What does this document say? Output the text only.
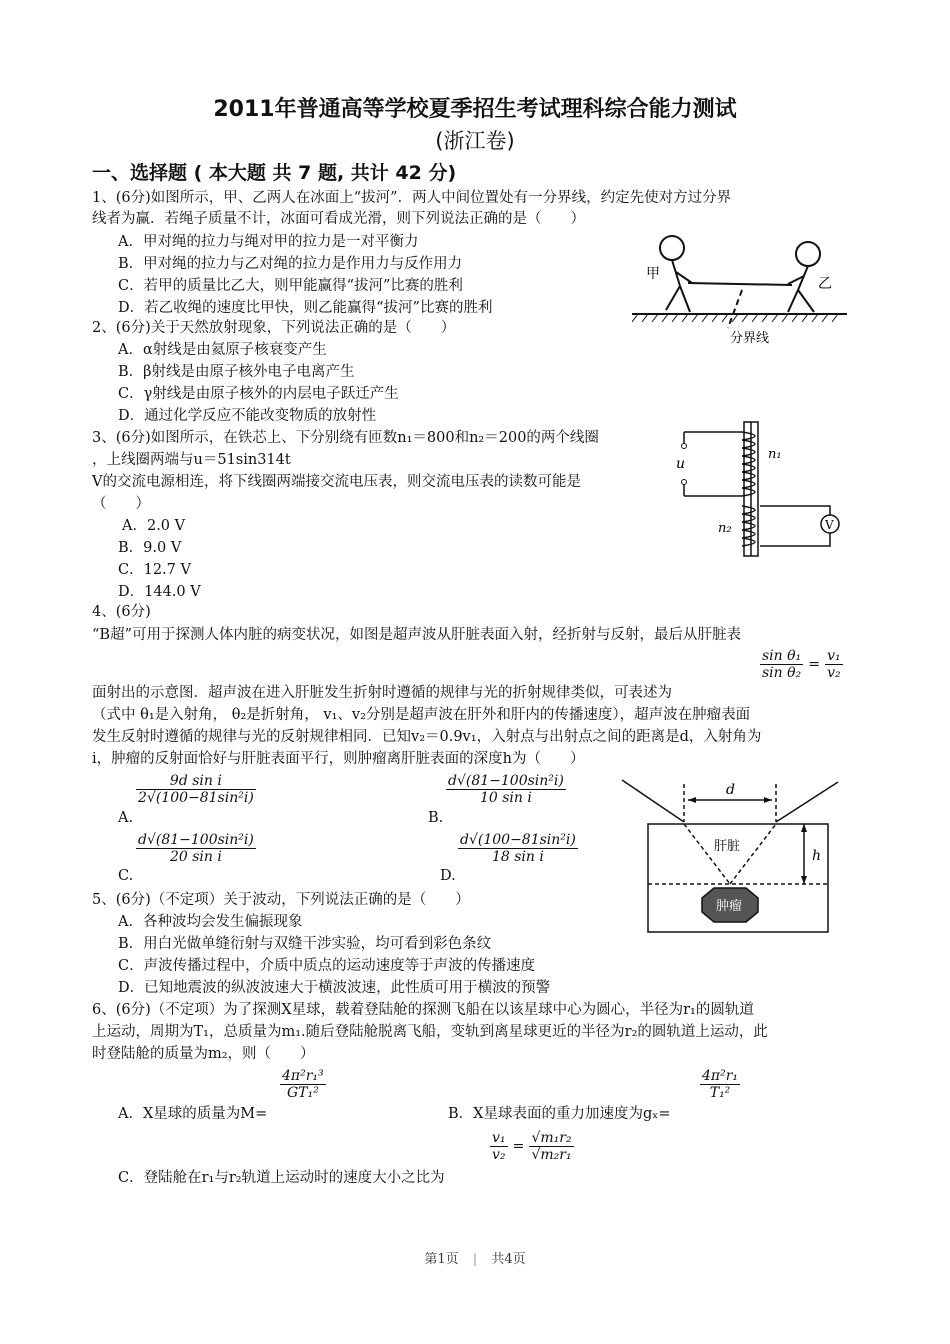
2011年普通高等学校夏季招生考试理科综合能力测试
(浙江卷)
一、选择题 ( 本大题 共 7 题, 共计 42 分)
1、(6分)如图所示，甲、乙两人在冰面上“拔河”．两人中间位置处有一分界线，约定先使对方过分界
线者为赢．若绳子质量不计，冰面可看成光滑，则下列说法正确的是（　　）
A．甲对绳的拉力与绳对甲的拉力是一对平衡力
B．甲对绳的拉力与乙对绳的拉力是作用力与反作用力
C．若甲的质量比乙大，则甲能赢得“拔河”比赛的胜利
D．若乙收绳的速度比甲快，则乙能赢得“拔河”比赛的胜利
甲
乙
分界线
2、(6分)关于天然放射现象，下列说法正确的是（　　）
A．α射线是由氦原子核衰变产生
B．β射线是由原子核外电子电离产生
C．γ射线是由原子核外的内层电子跃迁产生
D．通过化学反应不能改变物质的放射性
3、(6分)如图所示，在铁芯上、下分别绕有匝数n₁＝800和n₂＝200的两个线圈
，上线圈两端与u＝51sin314t
V的交流电源相连，将下线圈两端接交流电压表，则交流电压表的读数可能是
（　　）
A．2.0 V
B．9.0 V
C．12.7 V
D．144.0 V
u
n₁
n₂	V
4、(6分)
“B超”可用于探测人体内脏的病变状况，如图是超声波从肝脏表面入射，经折射与反射，最后从肝脏表
面射出的示意图．超声波在进入肝脏发生折射时遵循的规律与光的折射规律类似，可表述为
$\frac{\text{sin θ₁}}{\text{sin θ₂}} = \frac{\text{v₁}}{\text{v₂}}$
（式中 θ₁是入射角， θ₂是折射角， v₁、v₂分别是超声波在肝外和肝内的传播速度），超声波在肿瘤表面
发生反射时遵循的规律与光的反射规律相同．已知v₂＝0.9v₁，入射点与出射点之间的距离是d，入射角为
i，肿瘤的反射面恰好与肝脏表面平行，则肿瘤离肝脏表面的深度h为（　　）
A.
$\frac{\text{9d sin i}}{\text{2√(100−81sin²i)}}$
B.
$\frac{\text{d√(81−100sin²i)}}{\text{10 sin i}}$
C.
$\frac{\text{d√(81−100sin²i)}}{\text{20 sin i}}$
D.
$\frac{\text{d√(100−81sin²i)}}{\text{18 sin i}}$
d
h
肝脏
肿瘤
5、(6分)（不定项）关于波动，下列说法正确的是（　　）
A．各种波均会发生偏振现象
B．用白光做单缝衍射与双缝干涉实验，均可看到彩色条纹
C．声波传播过程中，介质中质点的运动速度等于声波的传播速度
D．已知地震波的纵波波速大于横波波速，此性质可用于横波的预警
6、(6分)（不定项）为了探测X星球，载着登陆舱的探测飞船在以该星球中心为圆心，半径为r₁的圆轨道
上运动，周期为T₁，总质量为m₁.随后登陆舱脱离飞船，变轨到离星球更近的半径为r₂的圆轨道上运动，此
时登陆舱的质量为m₂，则（　　）
A．X星球的质量为M=
$\frac{\text{4π²r₁³}}{\text{GT₁²}}$
B．X星球表面的重力加速度为gₓ=
$\frac{\text{4π²r₁}}{\text{T₁²}}$
C．登陆舱在r₁与r₂轨道上运动时的速度大小之比为
$\frac{\text{v₁}}{\text{v₂}} = \frac{\text{√m₁r₂}}{\text{√m₂r₁}}$
第1页 | 共4页
